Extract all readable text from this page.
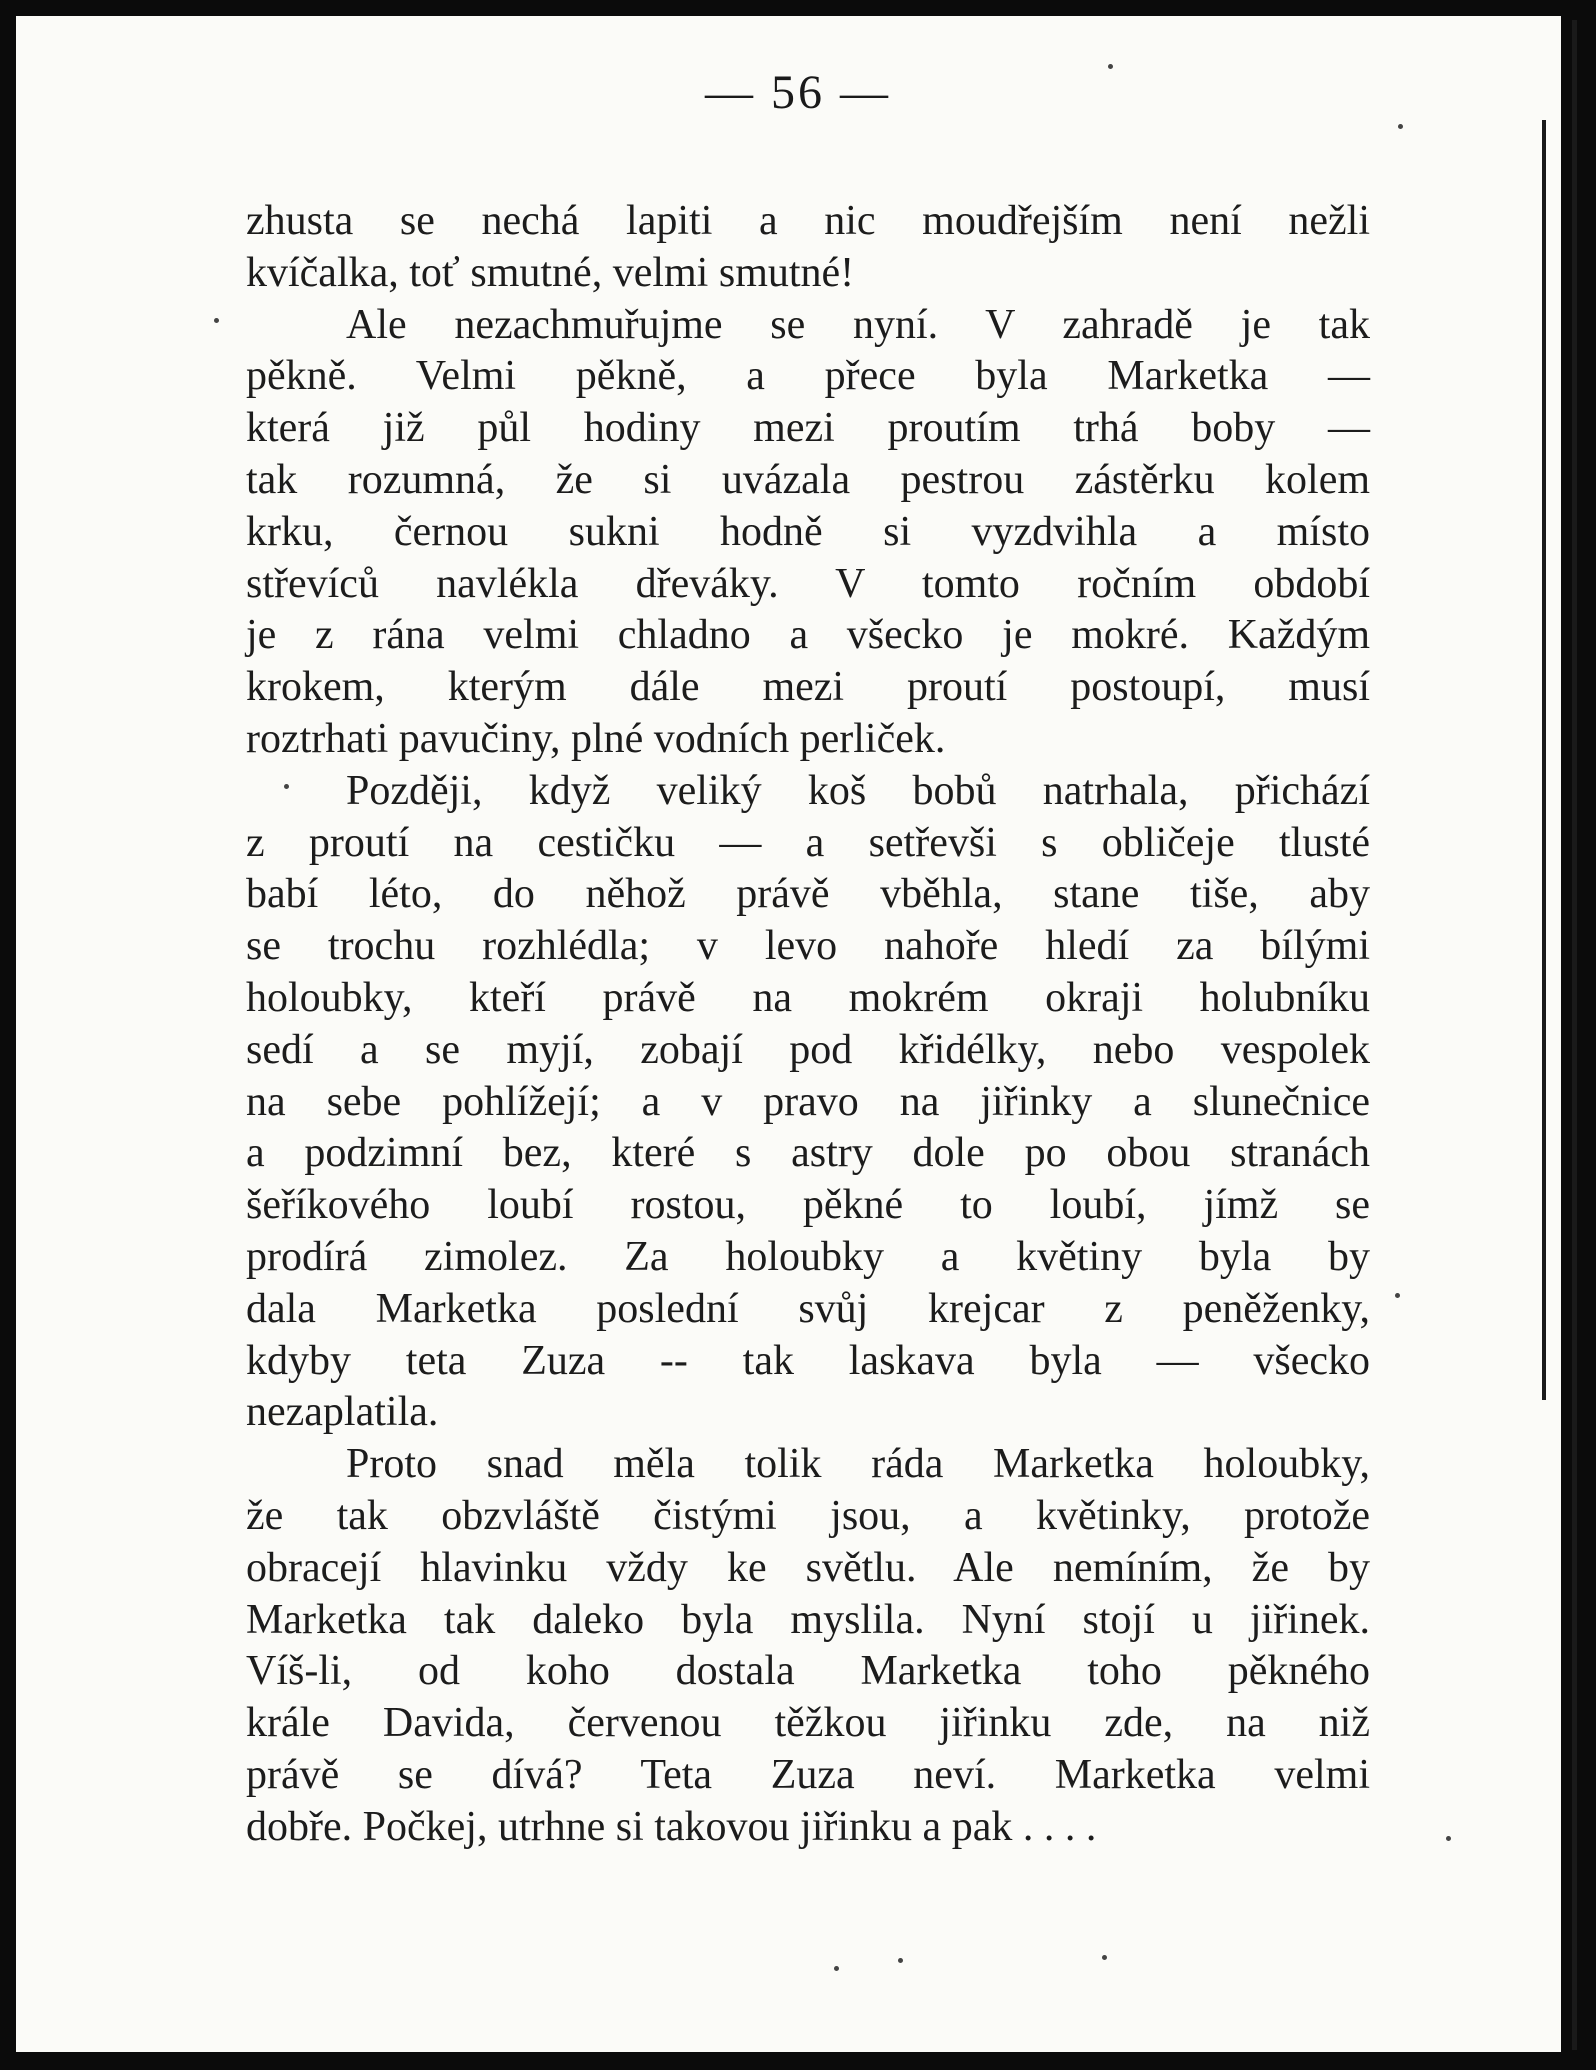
— 56 —
zhusta se nechá lapiti a nic moudřejším není nežli
kvíčalka, toť smutné, velmi smutné!
Ale nezachmuřujme se nyní. V zahradě je tak
pěkně. Velmi pěkně, a přece byla Marketka —
která již půl hodiny mezi proutím trhá boby —
tak rozumná, že si uvázala pestrou zástěrku kolem
krku, černou sukni hodně si vyzdvihla a místo
střevíců navlékla dřeváky. V tomto ročním období
je z rána velmi chladno a všecko je mokré. Každým
krokem, kterým dále mezi proutí postoupí, musí
roztrhati pavučiny, plné vodních perliček.
Později, když veliký koš bobů natrhala, přichází
z proutí na cestičku — a setřevši s obličeje tlusté
babí léto, do něhož právě vběhla, stane tiše, aby
se trochu rozhlédla; v levo nahoře hledí za bílými
holoubky, kteří právě na mokrém okraji holubníku
sedí a se myjí, zobají pod křidélky, nebo vespolek
na sebe pohlížejí; a v pravo na jiřinky a slunečnice
a podzimní bez, které s astry dole po obou stranách
šeříkového loubí rostou, pěkné to loubí, jímž se
prodírá zimolez. Za holoubky a květiny byla by
dala Marketka poslední svůj krejcar z peněženky,
kdyby teta Zuza -- tak laskava byla — všecko
nezaplatila.
Proto snad měla tolik ráda Marketka holoubky,
že tak obzvláště čistými jsou, a květinky, protože
obracejí hlavinku vždy ke světlu. Ale nemíním, že by
Marketka tak daleko byla myslila. Nyní stojí u jiřinek.
Víš-li, od koho dostala Marketka toho pěkného
krále Davida, červenou těžkou jiřinku zde, na niž
právě se dívá? Teta Zuza neví. Marketka velmi
dobře. Počkej, utrhne si takovou jiřinku a pak . . . .
